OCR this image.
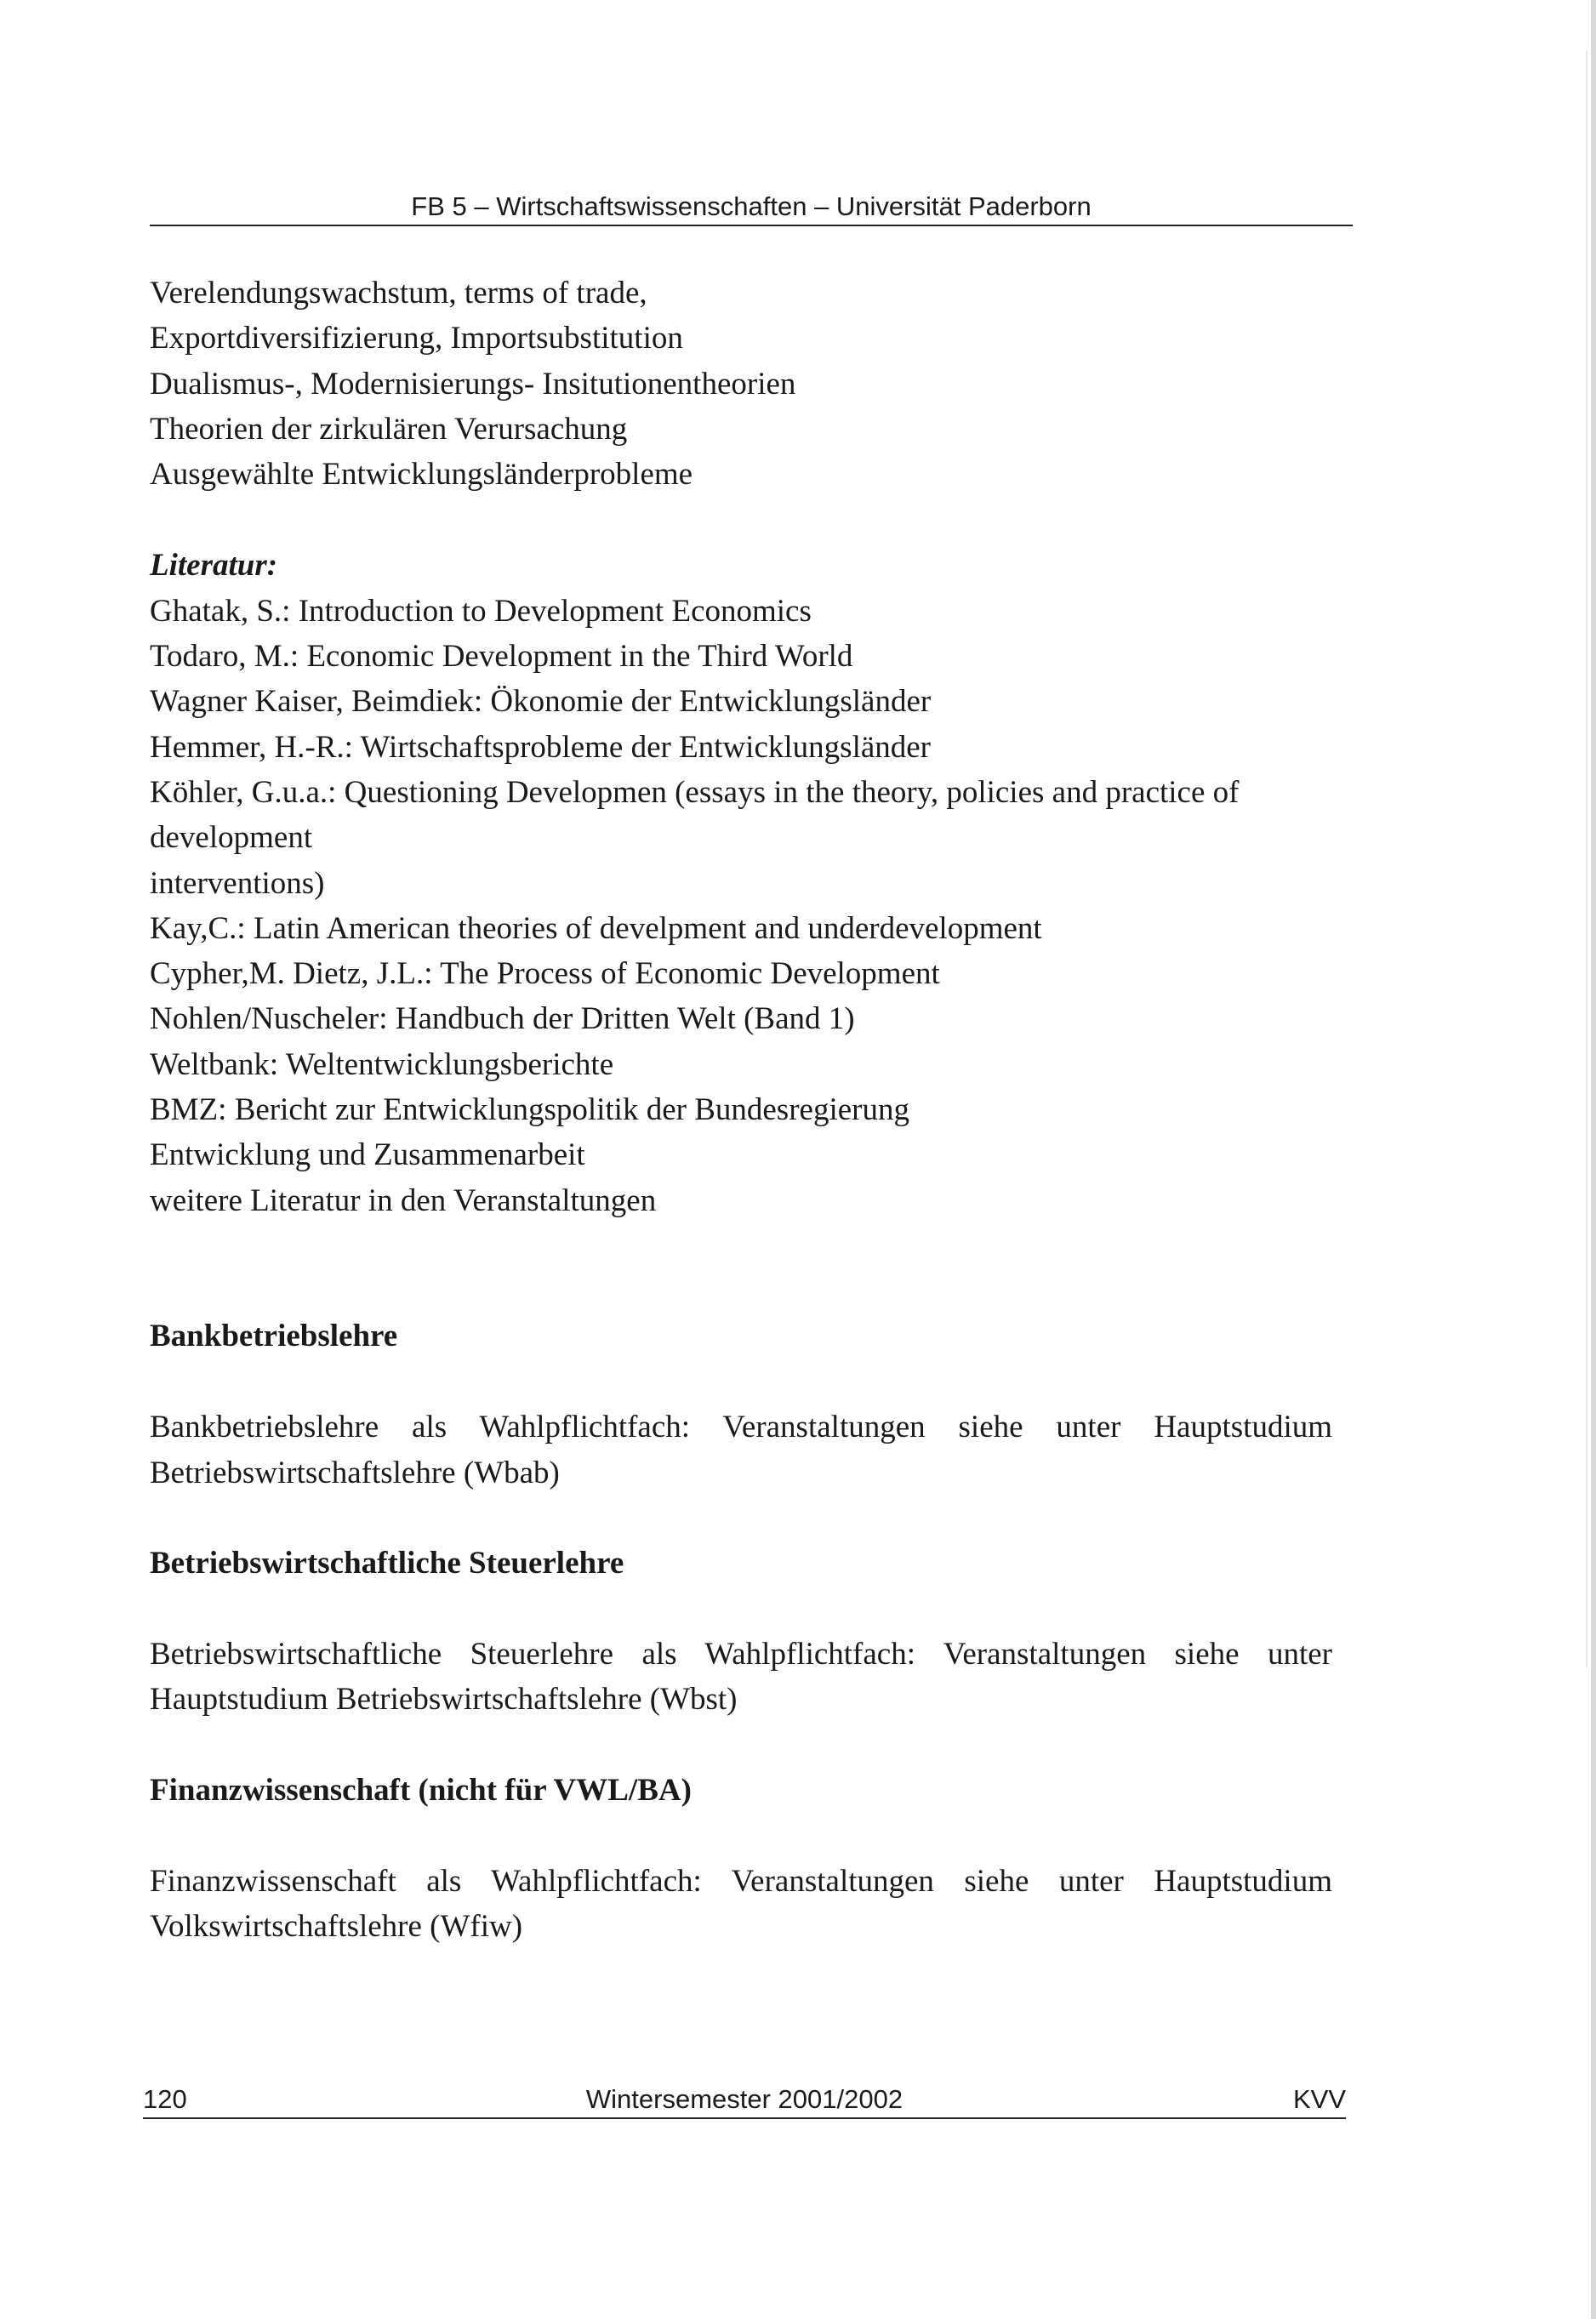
FB 5 – Wirtschaftswissenschaften – Universität Paderborn

Verelendungswachstum, terms of trade,

Exportdiversifizierung, Importsubstitution

Dualismus-, Modernisierungs- Insitutionentheorien

Theorien der zirkulären Verursachung

Ausgewählte Entwicklungsländerprobleme

Literatur:

Ghatak, S.: Introduction to Development Economics

Todaro, M.: Economic Development in the Third World

Wagner Kaiser, Beimdiek: Ökonomie der Entwicklungsländer

Hemmer, H.-R.: Wirtschaftsprobleme der Entwicklungsländer

Köhler, G.u.a.: Questioning Developmen (essays in the theory, policies and practice of development

interventions)

Kay,C.: Latin American theories of develpment and underdevelopment

Cypher,M. Dietz, J.L.: The Process of Economic Development

Nohlen/Nuscheler: Handbuch der Dritten Welt (Band 1)

Weltbank: Weltentwicklungsberichte

BMZ: Bericht zur Entwicklungspolitik der Bundesregierung

Entwicklung und Zusammenarbeit

weitere Literatur in den Veranstaltungen

Bankbetriebslehre

Bankbetriebslehre als Wahlpflichtfach: Veranstaltungen siehe unter Hauptstudium Betriebswirtschaftslehre (Wbab)

Betriebswirtschaftliche Steuerlehre

Betriebswirtschaftliche Steuerlehre als Wahlpflichtfach: Veranstaltungen siehe unter Hauptstudium Betriebswirtschaftslehre (Wbst)

Finanzwissenschaft (nicht für VWL/BA)

Finanzwissenschaft als Wahlpflichtfach: Veranstaltungen siehe unter Hauptstudium Volkswirtschaftslehre (Wfiw)

120	Wintersemester 2001/2002	KVV
